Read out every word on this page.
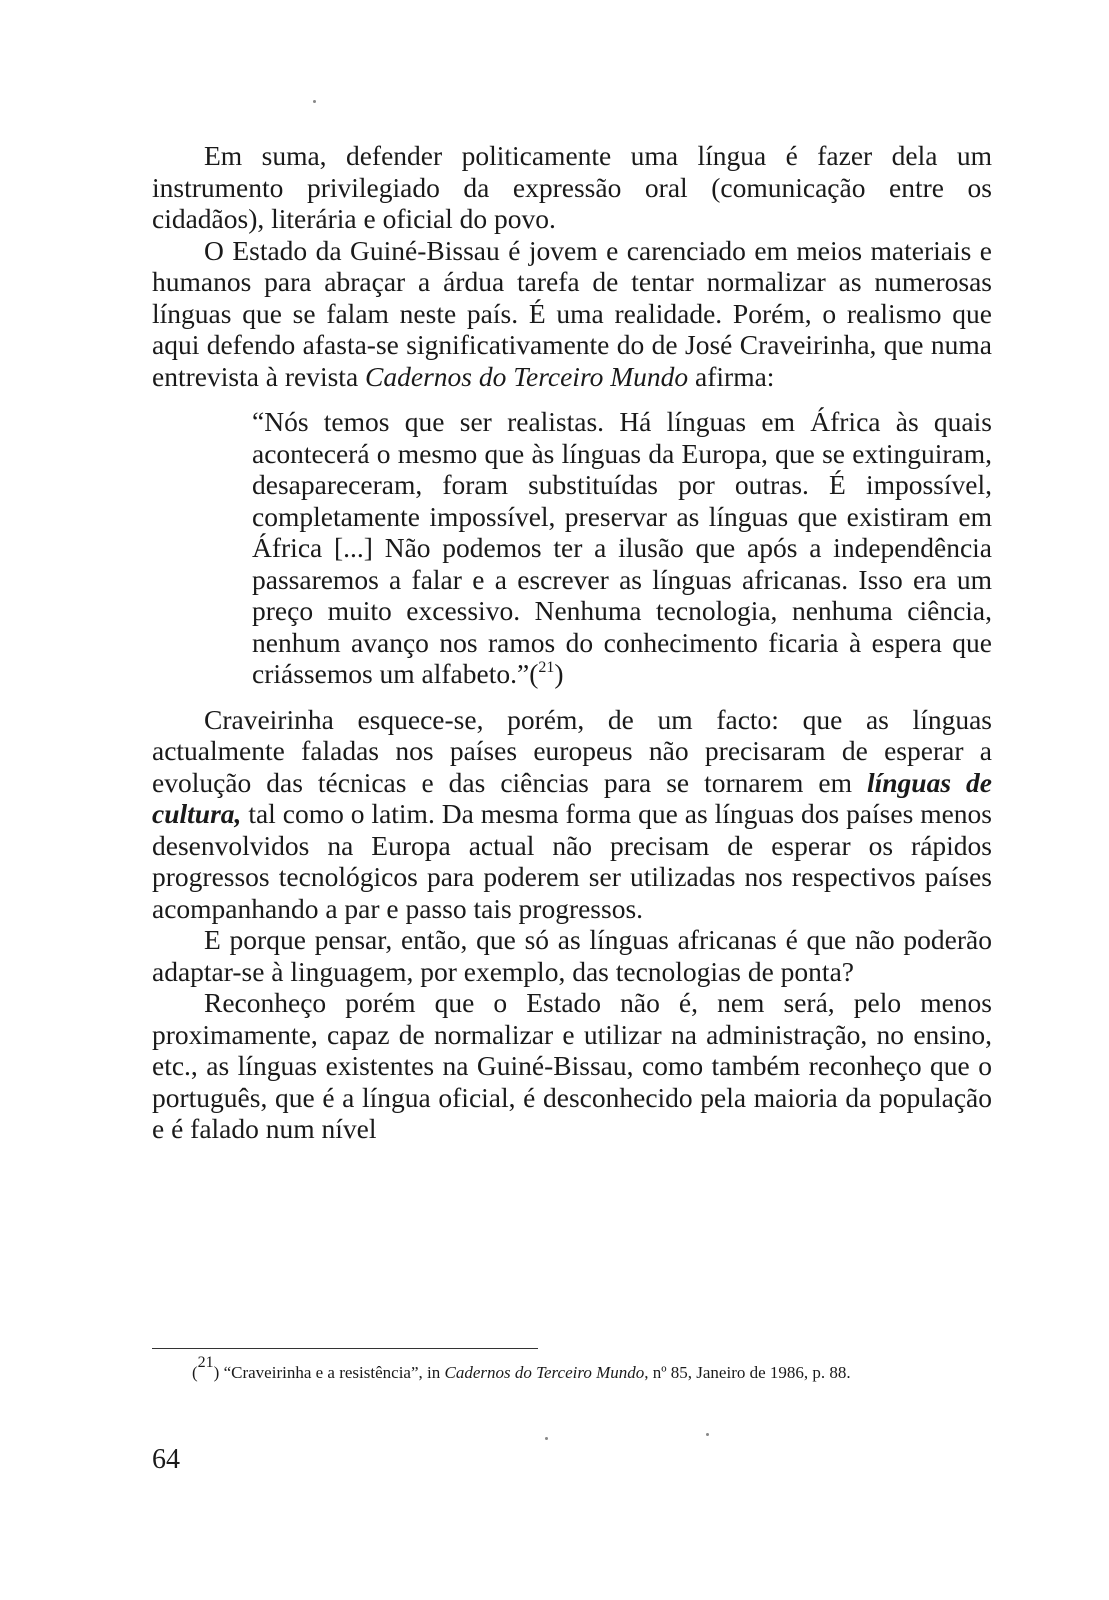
Em suma, defender politicamente uma língua é fazer dela um instrumento privilegiado da expressão oral (comunicação entre os cidadãos), literária e oficial do povo.

O Estado da Guiné-Bissau é jovem e carenciado em meios materiais e humanos para abraçar a árdua tarefa de tentar normalizar as numerosas línguas que se falam neste país. É uma realidade. Porém, o realismo que aqui defendo afasta-se significativamente do de José Craveirinha, que numa entrevista à revista Cadernos do Terceiro Mundo afirma:

“Nós temos que ser realistas. Há línguas em África às quais acontecerá o mesmo que às línguas da Europa, que se extinguiram, desapareceram, foram substituídas por outras. É impossível, completamente impossível, preservar as línguas que existiram em África [...] Não podemos ter a ilusão que após a independência passaremos a falar e a escrever as línguas africanas. Isso era um preço muito excessivo. Nenhuma tecnologia, nenhuma ciência, nenhum avanço nos ramos do conhecimento ficaria à espera que criássemos um alfabeto.”($^{21}$)

Craveirinha esquece-se, porém, de um facto: que as línguas actualmente faladas nos países europeus não precisaram de esperar a evolução das técnicas e das ciências para se tornarem em línguas de cultura, tal como o latim. Da mesma forma que as línguas dos países menos desenvolvidos na Europa actual não precisam de esperar os rápidos progressos tecnológicos para poderem ser utilizadas nos respectivos países acompanhando a par e passo tais progressos.

E porque pensar, então, que só as línguas africanas é que não poderão adaptar-se à linguagem, por exemplo, das tecnologias de ponta?

Reconheço porém que o Estado não é, nem será, pelo menos proximamente, capaz de normalizar e utilizar na administração, no ensino, etc., as línguas existentes na Guiné-Bissau, como também reconheço que o português, que é a língua oficial, é desconhecido pela maioria da população e é falado num nível

($^{21}$) “Craveirinha e a resistência”, in Cadernos do Terceiro Mundo, nº 85, Janeiro de 1986, p. 88.
64
